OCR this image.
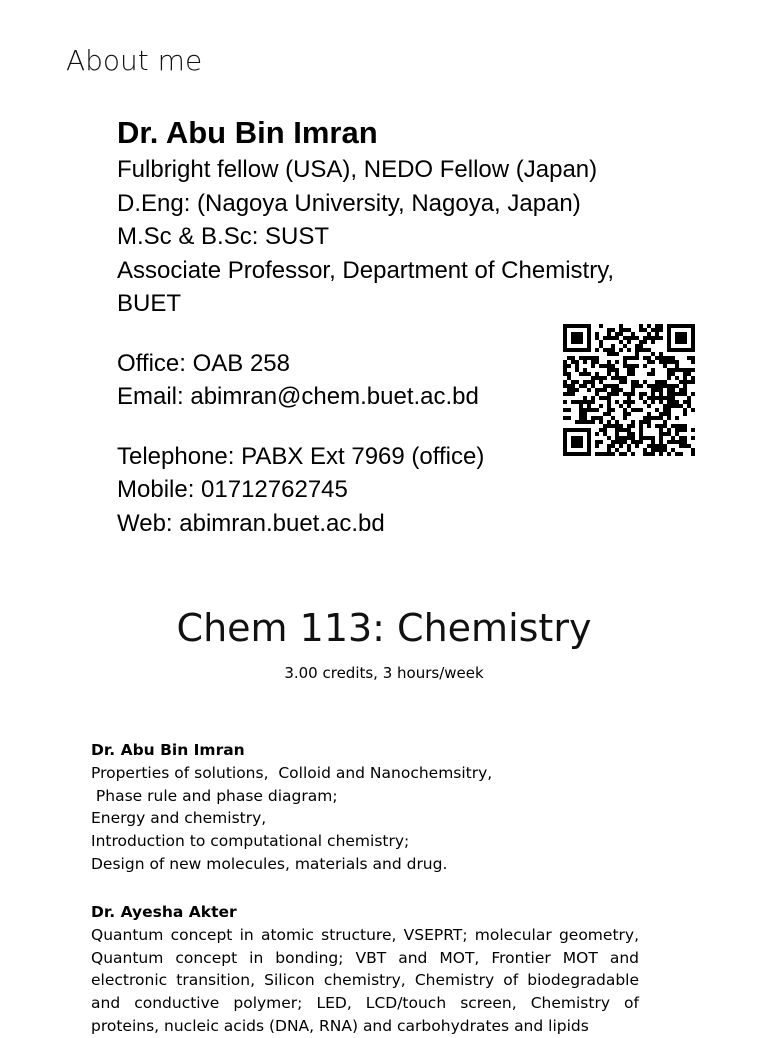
About me
Dr. Abu Bin Imran
Fulbright fellow (USA), NEDO Fellow (Japan)
D.Eng: (Nagoya University, Nagoya, Japan)
M.Sc & B.Sc: SUST
Associate Professor, Department of Chemistry,
BUET
Office: OAB 258
Email: abimran@chem.buet.ac.bd
Telephone: PABX Ext 7969 (office)
Mobile: 01712762745
Web: abimran.buet.ac.bd
Chem 113: Chemistry
3.00 credits, 3 hours/week
Dr. Abu Bin Imran
Properties of solutions,  Colloid and Nanochemsitry,
Phase rule and phase diagram;
Energy and chemistry,
Introduction to computational chemistry;
Design of new molecules, materials and drug.
Dr. Ayesha Akter
Quantum concept in atomic structure, VSEPRT; molecular geometry, Quantum concept in bonding; VBT and MOT, Frontier MOT and electronic transition, Silicon chemistry, Chemistry of biodegradable and conductive polymer; LED, LCD/touch screen, Chemistry of proteins, nucleic acids (DNA, RNA) and carbohydrates and lipids
